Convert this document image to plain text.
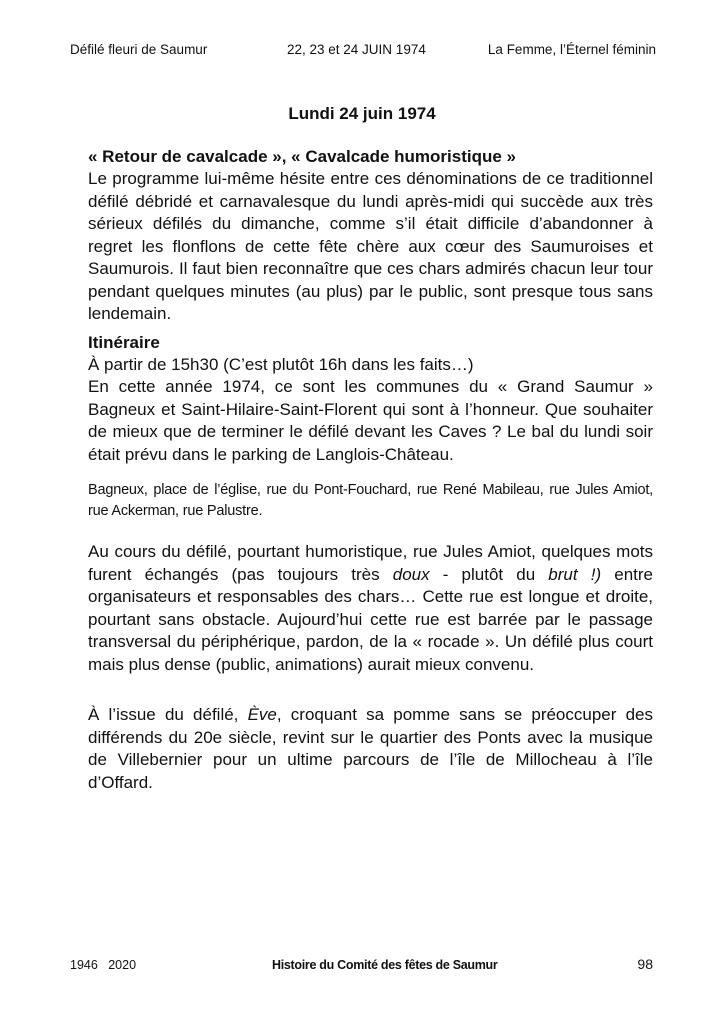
Défilé fleuri de Saumur	22, 23 et 24 JUIN 1974	La Femme, l’Éternel féminin
Lundi 24 juin 1974
« Retour de cavalcade », « Cavalcade humoristique »
Le programme lui-même hésite entre ces dénominations de ce traditionnel défilé débridé et carnavalesque du lundi après-midi qui succède aux très sérieux défilés du dimanche, comme s’il était difficile d’abandonner à regret les flonflons de cette fête chère aux cœur des Saumuroises et Saumurois. Il faut bien reconnaître que ces chars admirés chacun leur tour pendant quelques minutes (au plus) par le public, sont presque tous sans lendemain.
Itinéraire
À partir de 15h30 (C’est plutôt 16h dans les faits…)
En cette année 1974, ce sont les communes du « Grand Saumur » Bagneux et Saint-Hilaire-Saint-Florent qui sont à l’honneur. Que souhaiter de mieux que de terminer le défilé devant les Caves ? Le bal du lundi soir était prévu dans le parking de Langlois-Château.
Bagneux, place de l’église, rue du Pont-Fouchard, rue René Mabileau, rue Jules Amiot, rue Ackerman, rue Palustre.
Au cours du défilé, pourtant humoristique, rue Jules Amiot, quelques mots furent échangés (pas toujours très doux - plutôt du brut !) entre organisateurs et responsables des chars… Cette rue est longue et droite, pourtant sans obstacle. Aujourd’hui cette rue est barrée par le passage transversal du périphérique, pardon, de la « rocade ». Un défilé plus court mais plus dense (public, animations) aurait mieux convenu.
À l’issue du défilé, Ève, croquant sa pomme sans se préoccuper des différends du 20e siècle, revint sur le quartier des Ponts avec la musique de Villebernier pour un ultime parcours de l’île de Millocheau à l’île d’Offard.
1946   2020	Histoire du Comité des fêtes de Saumur	98
